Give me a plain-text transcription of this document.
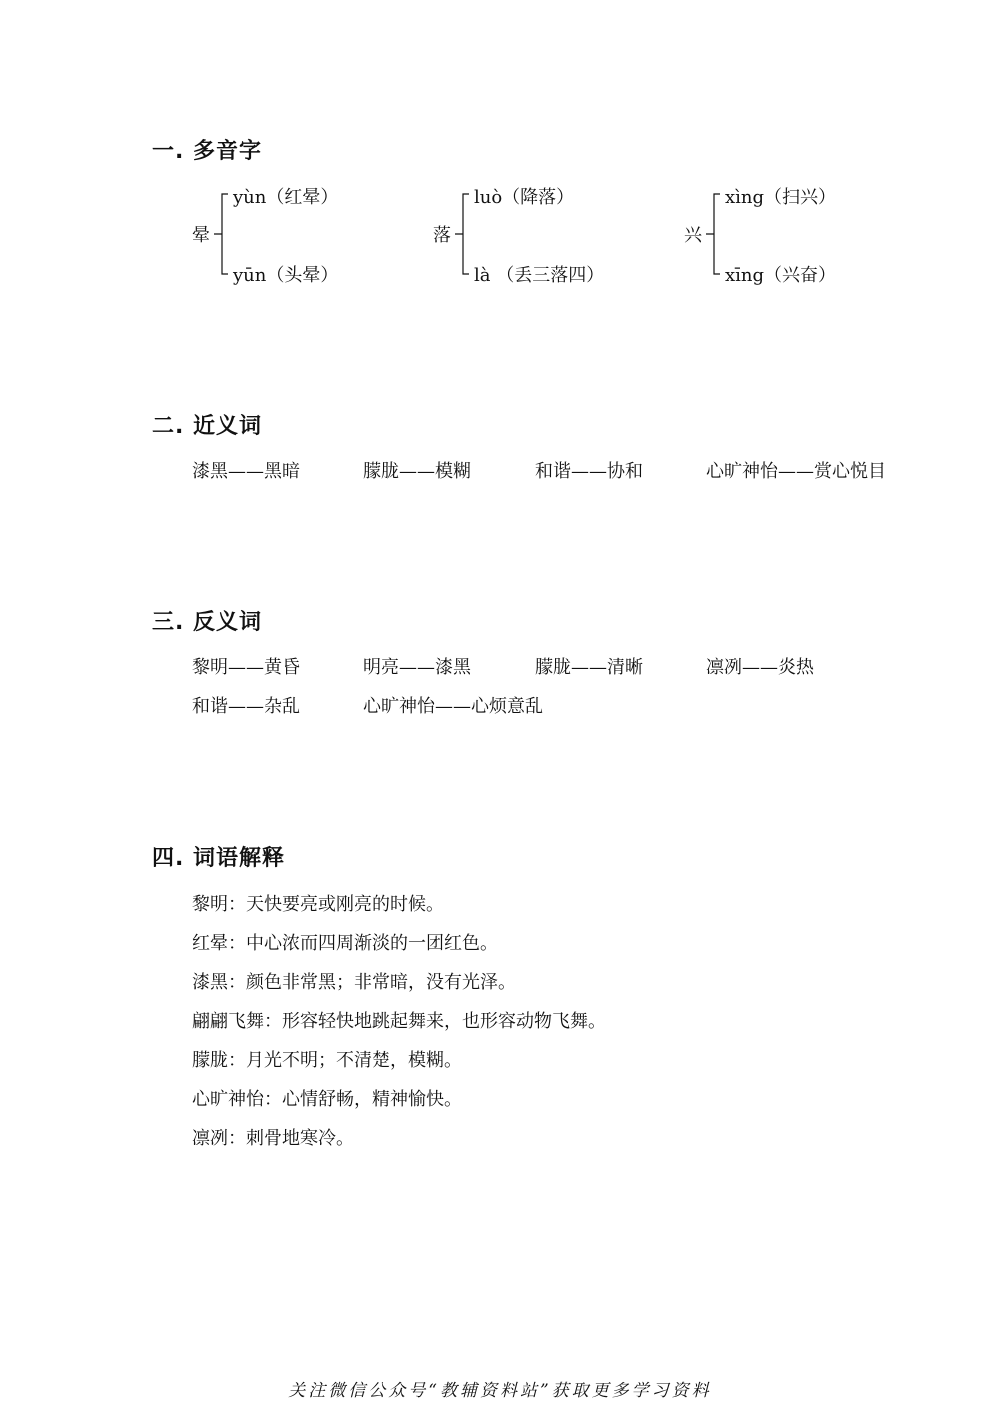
一. 多音字
晕
yùn（红晕）
yūn（头晕）
落
luò（降落）
là （丢三落四）
兴
xìng（扫兴）
xīng（兴奋）
二. 近义词
漆黑——黑暗	朦胧——模糊	和谐——协和	心旷神怡——赏心悦目
三. 反义词
黎明——黄昏	明亮——漆黑	朦胧——清晰	凛冽——炎热
和谐——杂乱	心旷神怡——心烦意乱
四. 词语解释
黎明：天快要亮或刚亮的时候。
红晕：中心浓而四周渐淡的一团红色。
漆黑：颜色非常黑；非常暗，没有光泽。
翩翩飞舞：形容轻快地跳起舞来，也形容动物飞舞。
朦胧：月光不明；不清楚，模糊。
心旷神怡：心情舒畅，精神愉快。
凛冽：刺骨地寒冷。
关注微信公众号“教辅资料站”获取更多学习资料
